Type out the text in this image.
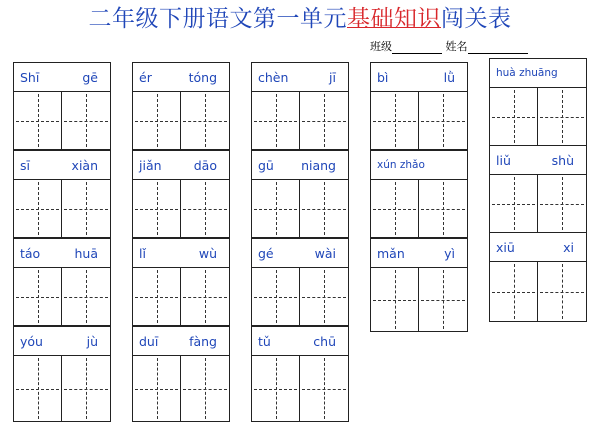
二年级下册语文第一单元基础知识闯关表
班级	姓名
Shī	gē
sī	xiàn
táo	huā
yóu	jù
ér	tóng
jiǎn	dāo
lǐ	wù
duī fàng
chèn	jī
gū niang
gé	wài
tǔ	chū
bì	lǜ
xún zhǎo
mǎn	yì
huà zhuāng
liǔ	shù
xiū	xi
